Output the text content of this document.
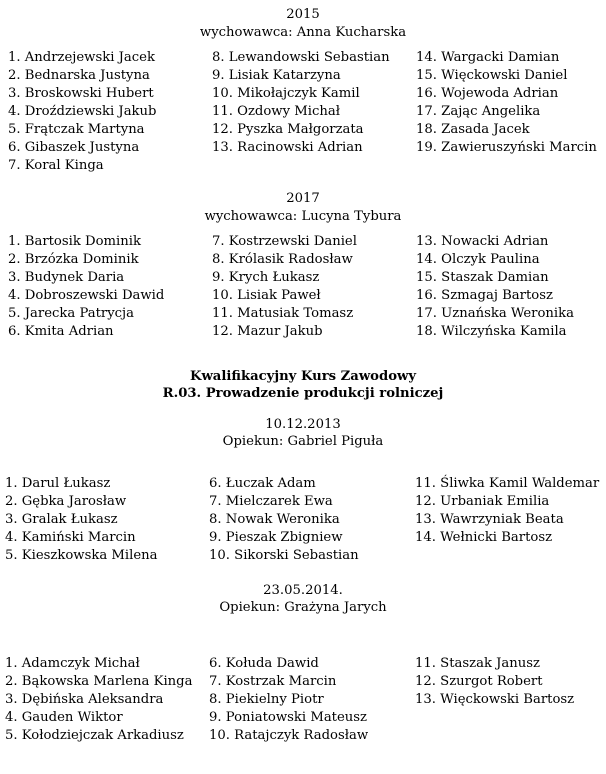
2015
wychowawca: Anna Kucharska
1. Andrzejewski Jacek
2. Bednarska Justyna
3. Broskowski Hubert
4. Droździewski Jakub
5. Frątczak Martyna
6. Gibaszek Justyna
7. Koral Kinga
8. Lewandowski Sebastian
9. Lisiak Katarzyna
10. Mikołajczyk Kamil
11. Ozdowy Michał
12. Pyszka Małgorzata
13. Racinowski Adrian
14. Wargacki Damian
15. Więckowski Daniel
16. Wojewoda Adrian
17. Zając Angelika
18. Zasada Jacek
19. Zawieruszyński Marcin
2017
wychowawca: Lucyna Tybura
1. Bartosik Dominik
2. Brzózka Dominik
3. Budynek Daria
4. Dobroszewski Dawid
5. Jarecka Patrycja
6. Kmita Adrian
7. Kostrzewski Daniel
8. Królasik Radosław
9. Krych Łukasz
10. Lisiak Paweł
11. Matusiak Tomasz
12. Mazur Jakub
13. Nowacki Adrian
14. Olczyk Paulina
15. Staszak Damian
16. Szmagaj Bartosz
17. Uznańska Weronika
18. Wilczyńska Kamila
Kwalifikacyjny Kurs Zawodowy
R.03. Prowadzenie produkcji rolniczej
10.12.2013
Opiekun: Gabriel Piguła
1. Darul Łukasz
2. Gębka Jarosław
3. Gralak Łukasz
4. Kamiński Marcin
5. Kieszkowska Milena
6. Łuczak Adam
7. Mielczarek Ewa
8. Nowak Weronika
9. Pieszak Zbigniew
10. Sikorski Sebastian
11. Śliwka Kamil Waldemar
12. Urbaniak Emilia
13. Wawrzyniak Beata
14. Wełnicki Bartosz
23.05.2014.
Opiekun: Grażyna Jarych
1. Adamczyk Michał
2. Bąkowska Marlena Kinga
3. Dębińska Aleksandra
4. Gauden Wiktor
5. Kołodziejczak Arkadiusz
6. Kołuda Dawid
7. Kostrzak Marcin
8. Piekielny Piotr
9. Poniatowski Mateusz
10. Ratajczyk Radosław
11. Staszak Janusz
12. Szurgot Robert
13. Więckowski Bartosz
